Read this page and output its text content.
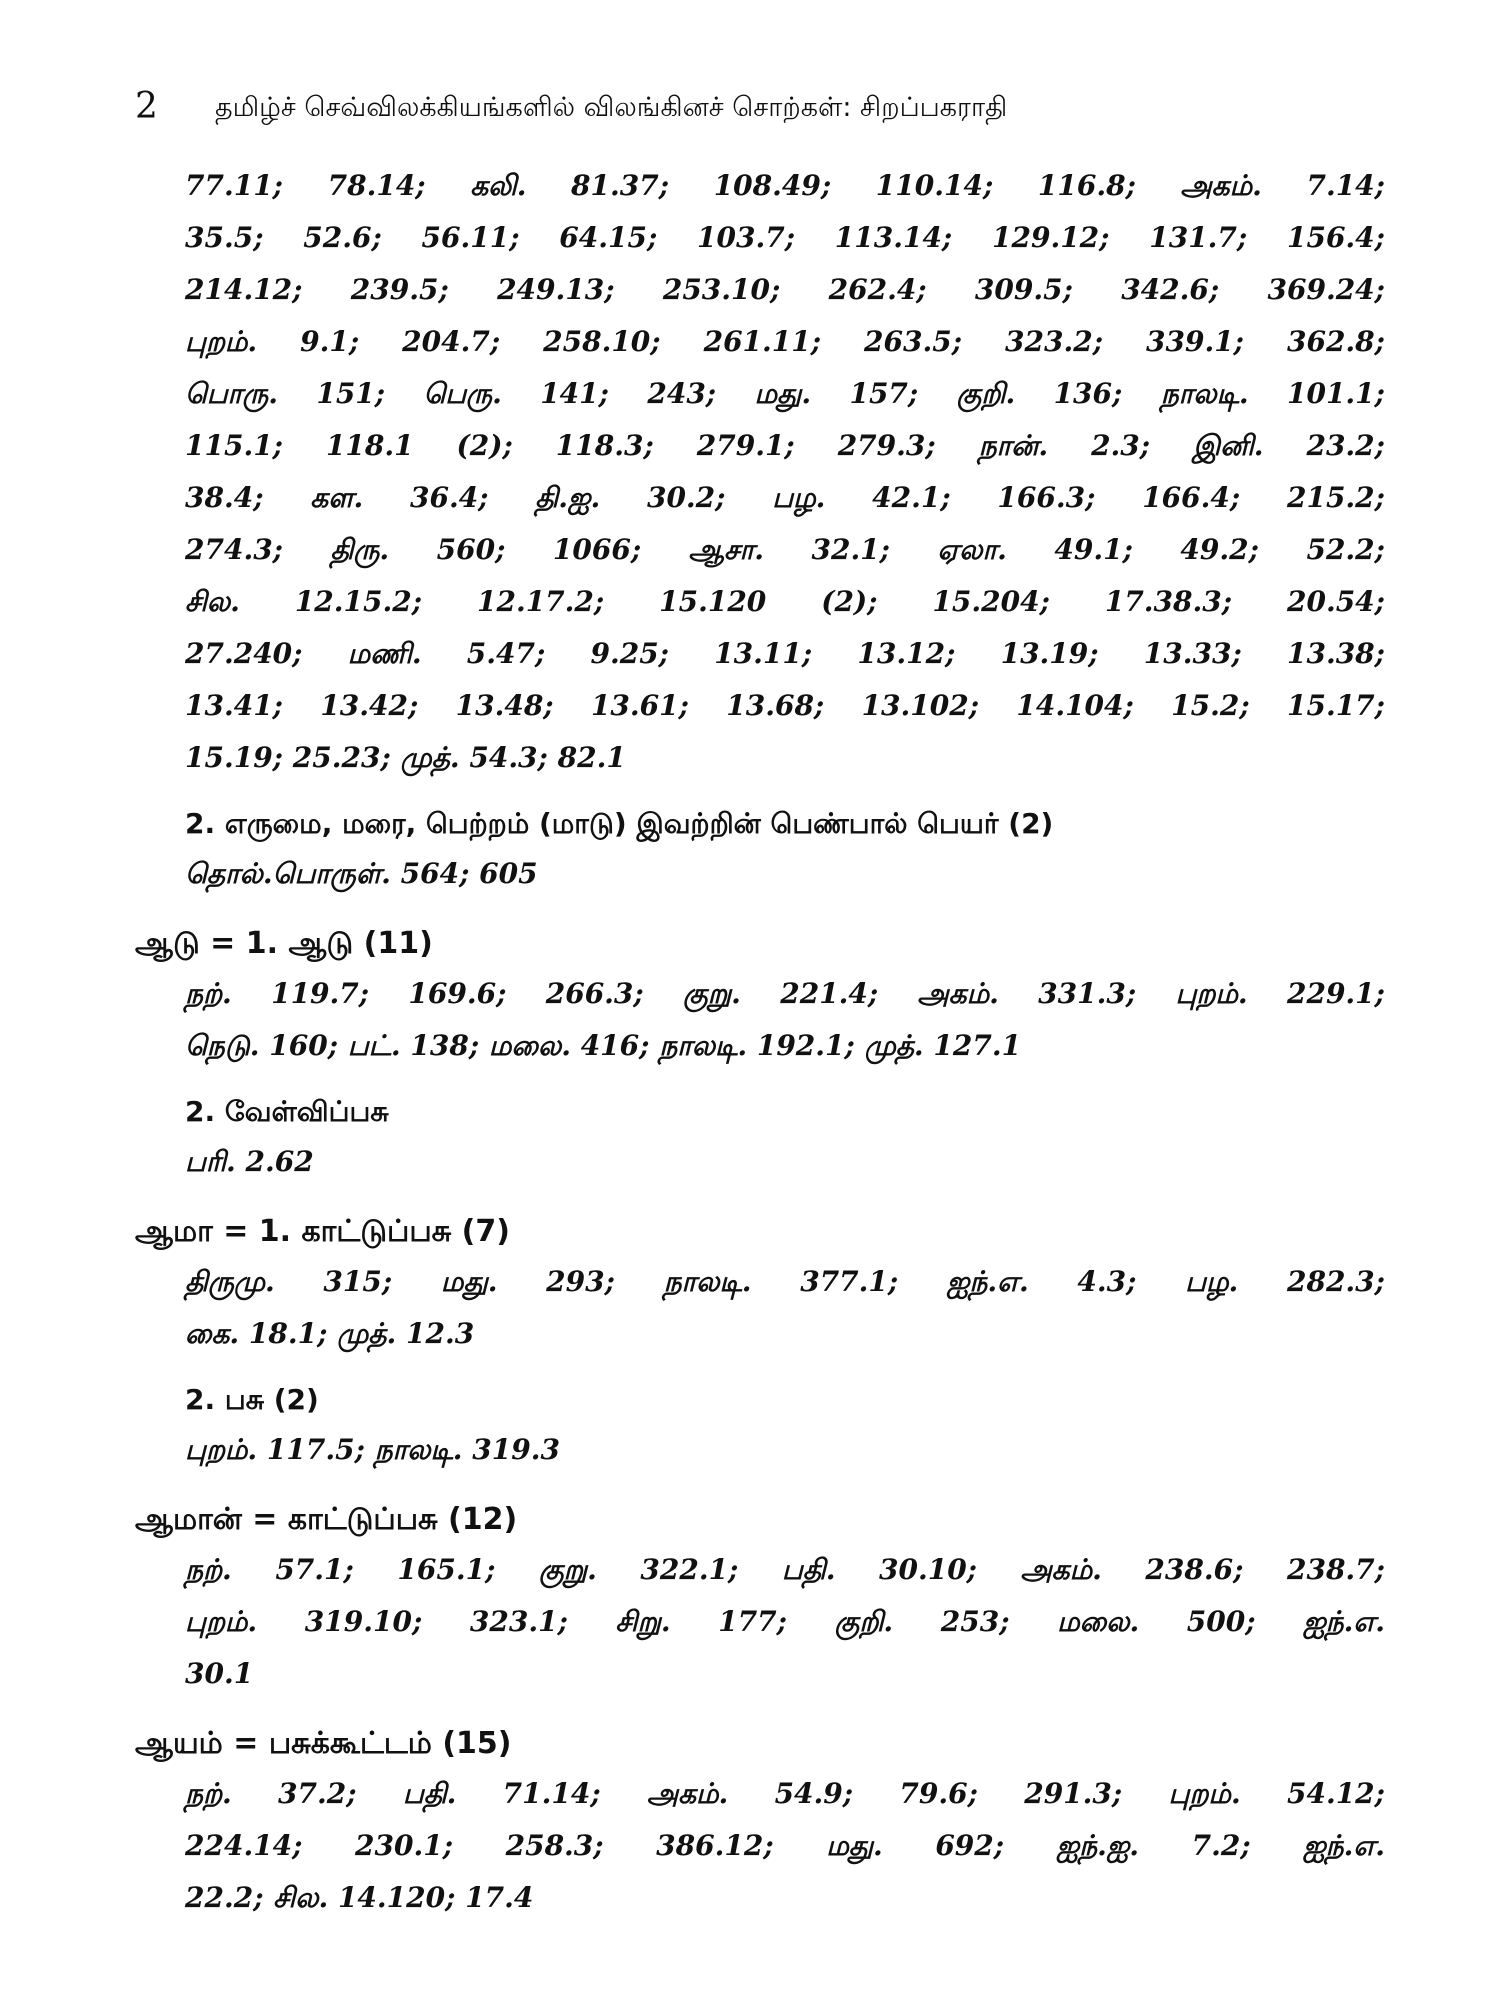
2 தமிழ்ச் செவ்விலக்கியங்களில் விலங்கினச் சொற்கள்: சிறப்பகராதி
77.11; 78.14; கலி. 81.37; 108.49; 110.14; 116.8; அகம். 7.14;
35.5; 52.6; 56.11; 64.15; 103.7; 113.14; 129.12; 131.7; 156.4;
214.12; 239.5; 249.13; 253.10; 262.4; 309.5; 342.6; 369.24;
புறம். 9.1; 204.7; 258.10; 261.11; 263.5; 323.2; 339.1; 362.8;
பொரு. 151; பெரு. 141; 243; மது. 157; குறி. 136; நாலடி. 101.1;
115.1; 118.1 (2); 118.3; 279.1; 279.3; நான். 2.3; இனி. 23.2;
38.4; கள. 36.4; தி.ஐ. 30.2; பழ. 42.1; 166.3; 166.4; 215.2;
274.3; திரு. 560; 1066; ஆசா. 32.1; ஏலா. 49.1; 49.2; 52.2;
சில. 12.15.2; 12.17.2; 15.120 (2); 15.204; 17.38.3; 20.54;
27.240; மணி. 5.47; 9.25; 13.11; 13.12; 13.19; 13.33; 13.38;
13.41; 13.42; 13.48; 13.61; 13.68; 13.102; 14.104; 15.2; 15.17;
15.19; 25.23; முத். 54.3; 82.1
2. எருமை, மரை, பெற்றம் (மாடு) இவற்றின் பெண்பால் பெயர் (2)
தொல்.பொருள். 564; 605
ஆடு = 1. ஆடு (11)
நற். 119.7; 169.6; 266.3; குறு. 221.4; அகம். 331.3; புறம். 229.1;
நெடு. 160; பட். 138; மலை. 416; நாலடி. 192.1; முத். 127.1
2. வேள்விப்பசு
பரி. 2.62
ஆமா = 1. காட்டுப்பசு (7)
திருமு. 315; மது. 293; நாலடி. 377.1; ஐந்.எ. 4.3; பழ. 282.3;
கை. 18.1; முத். 12.3
2. பசு (2)
புறம். 117.5; நாலடி. 319.3
ஆமான் = காட்டுப்பசு (12)
நற். 57.1; 165.1; குறு. 322.1; பதி. 30.10; அகம். 238.6; 238.7;
புறம். 319.10; 323.1; சிறு. 177; குறி. 253; மலை. 500; ஐந்.எ.
30.1
ஆயம் = பசுக்கூட்டம் (15)
நற். 37.2; பதி. 71.14; அகம். 54.9; 79.6; 291.3; புறம். 54.12;
224.14; 230.1; 258.3; 386.12; மது. 692; ஐந்.ஐ. 7.2; ஐந்.எ.
22.2; சில. 14.120; 17.4
